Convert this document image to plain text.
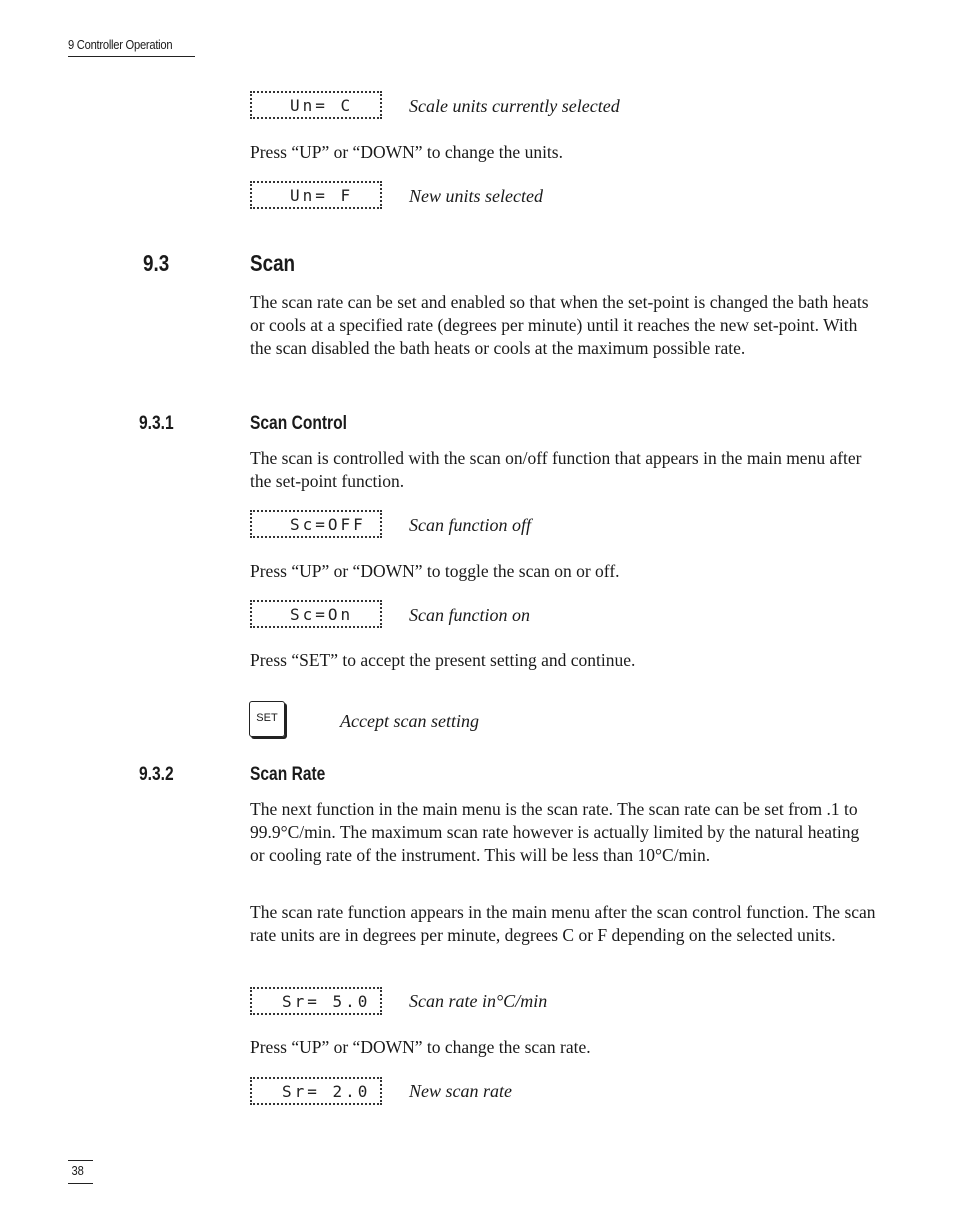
9 Controller Operation
Un= C	Scale units currently selected
Press “UP” or “DOWN” to change the units.
Un= F	New units selected
9.3	Scan
The scan rate can be set and enabled so that when the set-point is changed the bath heats or cools at a specified rate (degrees per minute) until it reaches the new set-point. With the scan disabled the bath heats or cools at the maximum possible rate.
9.3.1	Scan Control
The scan is controlled with the scan on/off function that appears in the main menu after the set-point function.
Sc=OFF	Scan function off
Press “UP” or “DOWN” to toggle the scan on or off.
Sc=On	Scan function on
Press “SET” to accept the present setting and continue.
SET	Accept scan setting
9.3.2	Scan Rate
The next function in the main menu is the scan rate. The scan rate can be set from .1 to 99.9°C/min. The maximum scan rate however is actually limited by the natural heating or cooling rate of the instrument. This will be less than 10°C/min.
The scan rate function appears in the main menu after the scan control function. The scan rate units are in degrees per minute, degrees C or F depending on the selected units.
Sr= 5.0	Scan rate in°C/min
Press “UP” or “DOWN” to change the scan rate.
Sr= 2.0	New scan rate
38
